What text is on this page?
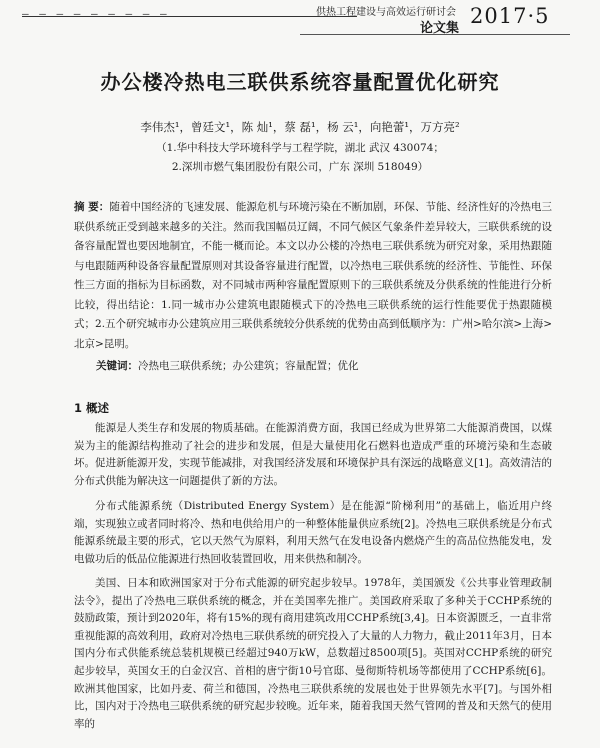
— — — — — — — — —	供热工程建设与高效运行研讨会
论文集
2017·5
办公楼冷热电三联供系统容量配置优化研究
李伟杰¹，曾廷文¹，陈 灿¹，蔡 磊¹，杨 云¹，向艳蕾¹，万方亮²
（1.华中科技大学环境科学与工程学院，湖北 武汉 430074；
2.深圳市燃气集团股份有限公司，广东 深圳 518049）
摘 要：随着中国经济的飞速发展、能源危机与环境污染在不断加剧，环保、节能、经济性好的冷热电三联供系统正受到越来越多的关注。然而我国幅员辽阔，不同气候区气象条件差异较大，三联供系统的设备容量配置也要因地制宜，不能一概而论。本文以办公楼的冷热电三联供系统为研究对象，采用热跟随与电跟随两种设备容量配置原则对其设备容量进行配置，以冷热电三联供系统的经济性、节能性、环保性三方面的指标为目标函数，对不同城市两种容量配置原则下的三联供系统及分供系统的性能进行分析比较，得出结论：1.同一城市办公建筑电跟随模式下的冷热电三联供系统的运行性能要优于热跟随模式；2.五个研究城市办公建筑应用三联供系统较分供系统的优势由高到低顺序为：广州>哈尔滨>上海>北京>昆明。
关键词：冷热电三联供系统；办公建筑；容量配置；优化
1 概述
能源是人类生存和发展的物质基础。在能源消费方面，我国已经成为世界第二大能源消费国，以煤炭为主的能源结构推动了社会的进步和发展，但是大量使用化石燃料也造成严重的环境污染和生态破坏。促进新能源开发，实现节能减排，对我国经济发展和环境保护具有深远的战略意义[1]。高效清洁的分布式供能为解决这一问题提供了新的方法。
分布式能源系统（Distributed Energy System）是在能源“阶梯利用”的基础上，临近用户终端，实现独立或者同时将冷、热和电供给用户的一种整体能量供应系统[2]。冷热电三联供系统是分布式能源系统最主要的形式，它以天然气为原料，利用天然气在发电设备内燃烧产生的高品位热能发电，发电做功后的低品位能源进行热回收装置回收，用来供热和制冷。
美国、日本和欧洲国家对于分布式能源的研究起步较早。1978年，美国颁发《公共事业管理政制法令》，提出了冷热电三联供系统的概念，并在美国率先推广。美国政府采取了多种关于CCHP系统的鼓励政策，预计到2020年，将有15%的现有商用建筑改用CCHP系统[3,4]。日本资源匮乏，一直非常重视能源的高效利用，政府对冷热电三联供系统的研究投入了大量的人力物力，截止2011年3月，日本国内分布式供能系统总装机规模已经超过940万kW，总数超过8500项[5]。英国对CCHP系统的研究起步较早，英国女王的白金汉宫、首相的唐宁街10号官邸、曼彻斯特机场等都使用了CCHP系统[6]。欧洲其他国家，比如丹麦、荷兰和德国，冷热电三联供系统的发展也处于世界领先水平[7]。与国外相比，国内对于冷热电三联供系统的研究起步较晚。近年来，随着我国天然气管网的普及和天然气的使用率的
